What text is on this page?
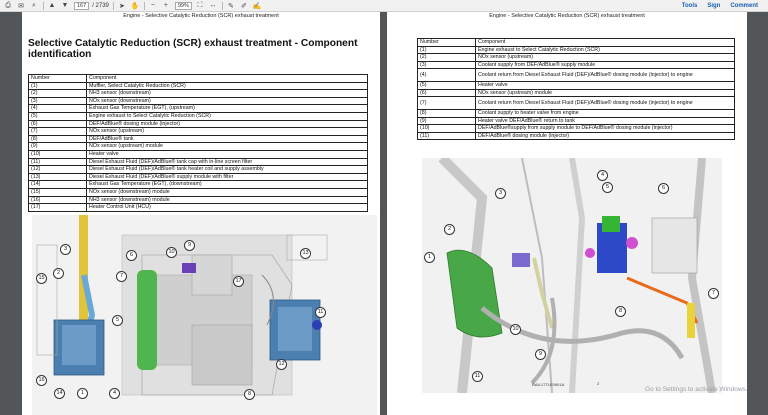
⎙	✉	⌕	▲ ▼	167	/ 2739 ➤ ✋	−	+	99%	⛶	↔ ✎ ✐ ✍	Tools Sign Comment
Engine - Selective Catalytic Reduction (SCR) exhaust treatment
Selective Catalytic Reduction (SCR) exhaust treatment - Component identification
Number	Component
(1)	Muffler, Select Catalytic Reduction (SCR)
(2)	NH3 sensor (downstream)
(3)	NOx sensor (downstream)
(4)	Exhaust Gas Temperature (EGT), (upstream)
(5)	Engine exhaust to Select Catalytic Reduction (SCR)
(6)	DEF/AdBlue® dosing module (injector)
(7)	NOx sensor (upstream)
(8)	DEF/AdBlue® tank
(9)	NOx sensor (upstream) module
(10)	Heater valve
(11)	Diesel Exhaust Fluid (DEF)/AdBlue® tank cap with in-line screen filter
(12)	Diesel Exhaust Fluid (DEF)/AdBlue® tank heater coil and supply assembly
(13)	Diesel Exhaust Fluid (DEF)/AdBlue® supply module with filter
(14)	Exhaust Gas Temperature (EGT), (downstream)
(15)	NOx sensor (downstream) module
(16)	NH3 sensor (downstream) module
(17)	Heater Control Unit (HCU)
3
2
15
16
14	1	4
5
6
7
10
9
17
13
11
12
8
Engine - Selective Catalytic Reduction (SCR) exhaust treatment
Number	Component
(1)	Engine exhaust to Select Catalytic Reduction (SCR)
(2)	NOx sensor (upstream)
(3)	Coolant supply from DEF/AdBlue® supply module
(4)	Coolant return from Diesel Exhaust Fluid (DEF)/AdBlue® dosing module (injector) to engine
(5)	Heater valve
(6)	NOx sensor (upstream) module
(7)	Coolant return from Diesel Exhaust Fluid (DEF)/AdBlue® dosing module (injector) to engine
(8)	Coolant supply to heater valve from engine
(9)	Heater valve DEF/AdBlue® return to tank
(10)	DEF/AdBlue®supply from supply module to DEF/AdBlue® dosing module (injector)
(11)	DEF/AdBlue® dosing module (injector)
4
3
5	6
2
1
7
8
10
9
11
RAIL17TLE0901A	2
Go to Settings to activate Windows.
